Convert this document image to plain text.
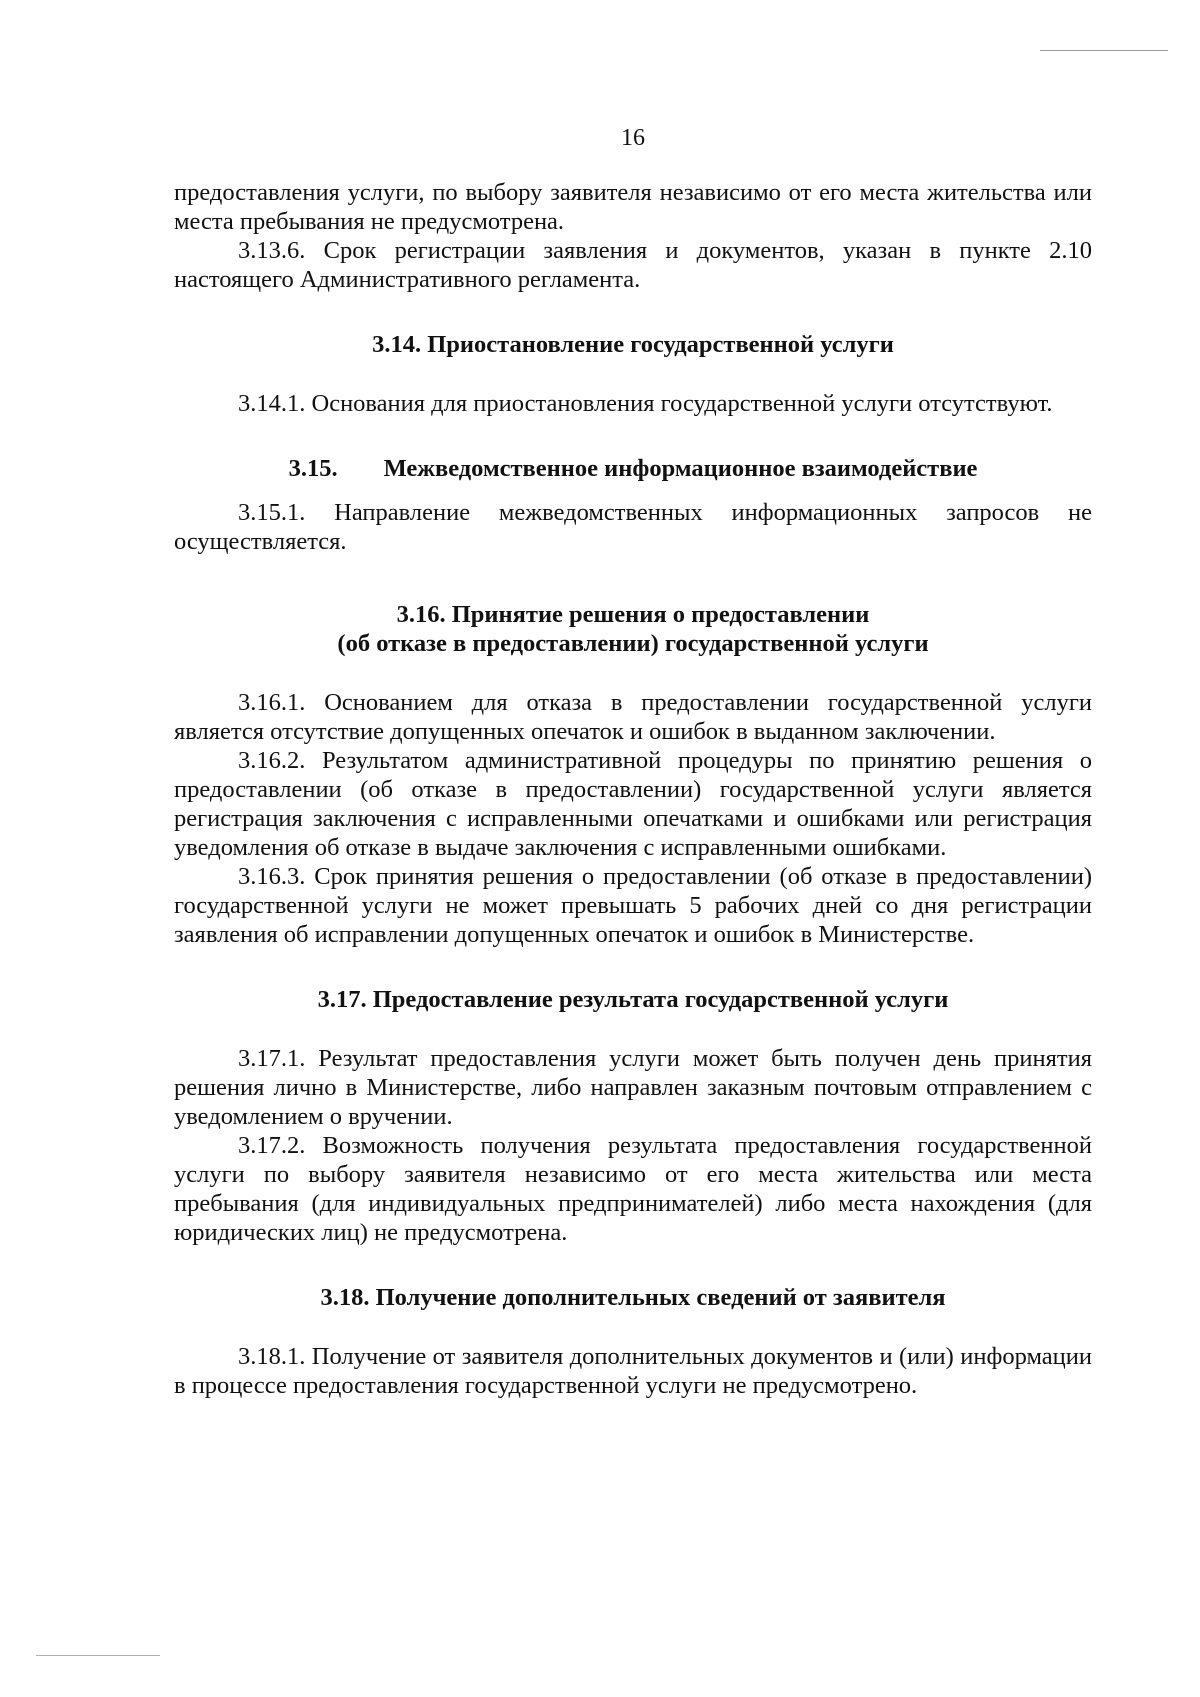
16

предоставления услуги, по выбору заявителя независимо от его места жительства или места пребывания не предусмотрена.

3.13.6. Срок регистрации заявления и документов, указан в пункте 2.10 настоящего Административного регламента.

3.14. Приостановление государственной услуги

3.14.1. Основания для приостановления государственной услуги отсутствуют.

3.15. Межведомственное информационное взаимодействие

3.15.1. Направление межведомственных информационных запросов не осуществляется.

3.16. Принятие решения о предоставлении
(об отказе в предоставлении) государственной услуги

3.16.1. Основанием для отказа в предоставлении государственной услуги является отсутствие допущенных опечаток и ошибок в выданном заключении.

3.16.2. Результатом административной процедуры по принятию решения о предоставлении (об отказе в предоставлении) государственной услуги является регистрация заключения с исправленными опечатками и ошибками или регистрация уведомления об отказе в выдаче заключения с исправленными ошибками.

3.16.3. Срок принятия решения о предоставлении (об отказе в предоставлении) государственной услуги не может превышать 5 рабочих дней со дня регистрации заявления об исправлении допущенных опечаток и ошибок в Министерстве.

3.17. Предоставление результата государственной услуги

3.17.1. Результат предоставления услуги может быть получен день принятия решения лично в Министерстве, либо направлен заказным почтовым отправлением с уведомлением о вручении.

3.17.2. Возможность получения результата предоставления государственной услуги по выбору заявителя независимо от его места жительства или места пребывания (для индивидуальных предпринимателей) либо места нахождения (для юридических лиц) не предусмотрена.

3.18. Получение дополнительных сведений от заявителя

3.18.1. Получение от заявителя дополнительных документов и (или) информации в процессе предоставления государственной услуги не предусмотрено.
